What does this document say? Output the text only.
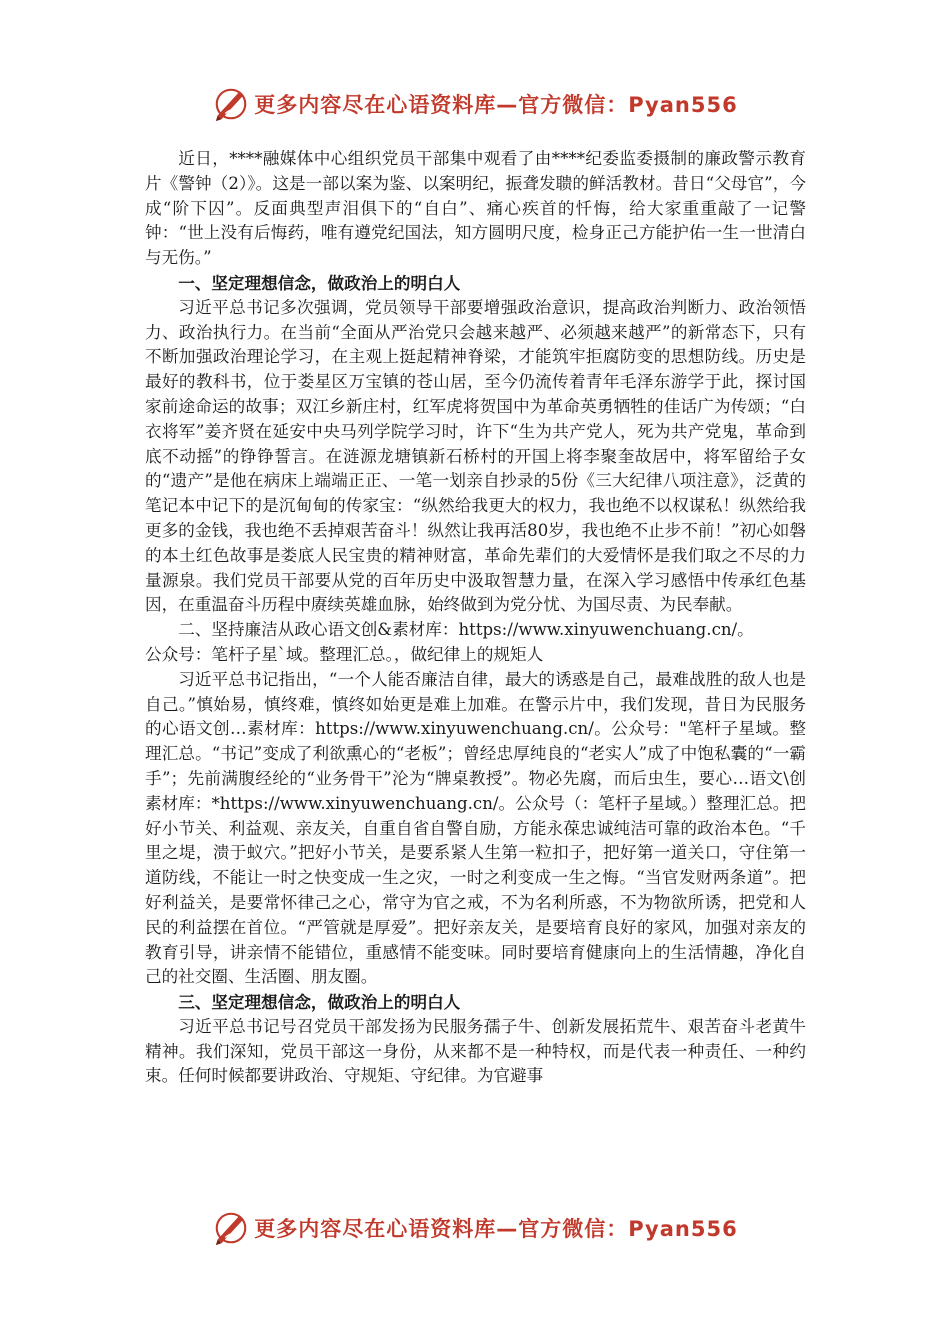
更多内容尽在心语资料库—官方微信：Pyan556

近日，****融媒体中心组织党员干部集中观看了由****纪委监委摄制的廉政警示教育片《警钟（2）》。这是一部以案为鉴、以案明纪，振聋发聩的鲜活教材。昔日“父母官”，今成“阶下囚”。反面典型声泪俱下的“自白”、痛心疾首的忏悔，给大家重重敲了一记警钟：“世上没有后悔药，唯有遵党纪国法，知方圆明尺度，检身正己方能护佑一生一世清白与无伤。”

一、坚定理想信念，做政治上的明白人

习近平总书记多次强调，党员领导干部要增强政治意识，提高政治判断力、政治领悟力、政治执行力。在当前“全面从严治党只会越来越严、必须越来越严”的新常态下，只有不断加强政治理论学习，在主观上挺起精神脊梁，才能筑牢拒腐防变的思想防线。历史是最好的教科书，位于娄星区万宝镇的苍山居，至今仍流传着青年毛泽东游学于此，探讨国家前途命运的故事；双江乡新庄村，红军虎将贺国中为革命英勇牺牲的佳话广为传颂；“白衣将军”姜齐贤在延安中央马列学院学习时，许下“生为共产党人，死为共产党鬼，革命到底不动摇”的铮铮誓言。在涟源龙塘镇新石桥村的开国上将李聚奎故居中，将军留给子女的“遗产”是他在病床上端端正正、一笔一划亲自抄录的5份《三大纪律八项注意》，泛黄的笔记本中记下的是沉甸甸的传家宝：“纵然给我更大的权力，我也绝不以权谋私！纵然给我更多的金钱，我也绝不丢掉艰苦奋斗！纵然让我再活80岁，我也绝不止步不前！”初心如磐的本土红色故事是娄底人民宝贵的精神财富，革命先辈们的大爱情怀是我们取之不尽的力量源泉。我们党员干部要从党的百年历史中汲取智慧力量，在深入学习感悟中传承红色基因，在重温奋斗历程中赓续英雄血脉，始终做到为党分忧、为国尽责、为民奉献。

二、坚持廉洁从政心语文创&素材库：https://www.xinyuwenchuang.cn/。

公众号：笔杆子星`域。整理汇总。，做纪律上的规矩人

习近平总书记指出，“一个人能否廉洁自律，最大的诱惑是自己，最难战胜的敌人也是自己。”慎始易，慎终难，慎终如始更是难上加难。在警示片中，我们发现，昔日为民服务的心语文创…素材库：https://www.xinyuwenchuang.cn/。公众号："笔杆子星域。整理汇总。“书记”变成了利欲熏心的“老板”；曾经忠厚纯良的“老实人”成了中饱私囊的“一霸手”；先前满腹经纶的“业务骨干”沦为“牌桌教授”。物必先腐，而后虫生，要心…语文\创素材库：*https://www.xinyuwenchuang.cn/。公众号（：笔杆子星域。）整理汇总。把好小节关、利益观、亲友关，自重自省自警自励，方能永葆忠诚纯洁可靠的政治本色。“千里之堤，溃于蚁穴。”把好小节关，是要系紧人生第一粒扣子，把好第一道关口，守住第一道防线，不能让一时之快变成一生之灾，一时之利变成一生之悔。“当官发财两条道”。把好利益关，是要常怀律己之心，常守为官之戒，不为名利所惑，不为物欲所诱，把党和人民的利益摆在首位。“严管就是厚爱”。把好亲友关，是要培育良好的家风，加强对亲友的教育引导，讲亲情不能错位，重感情不能变味。同时要培育健康向上的生活情趣，净化自己的社交圈、生活圈、朋友圈。

三、坚定理想信念，做政治上的明白人

习近平总书记号召党员干部发扬为民服务孺子牛、创新发展拓荒牛、艰苦奋斗老黄牛精神。我们深知，党员干部这一身份，从来都不是一种特权，而是代表一种责任、一种约束。任何时候都要讲政治、守规矩、守纪律。为官避事

更多内容尽在心语资料库—官方微信：Pyan556
